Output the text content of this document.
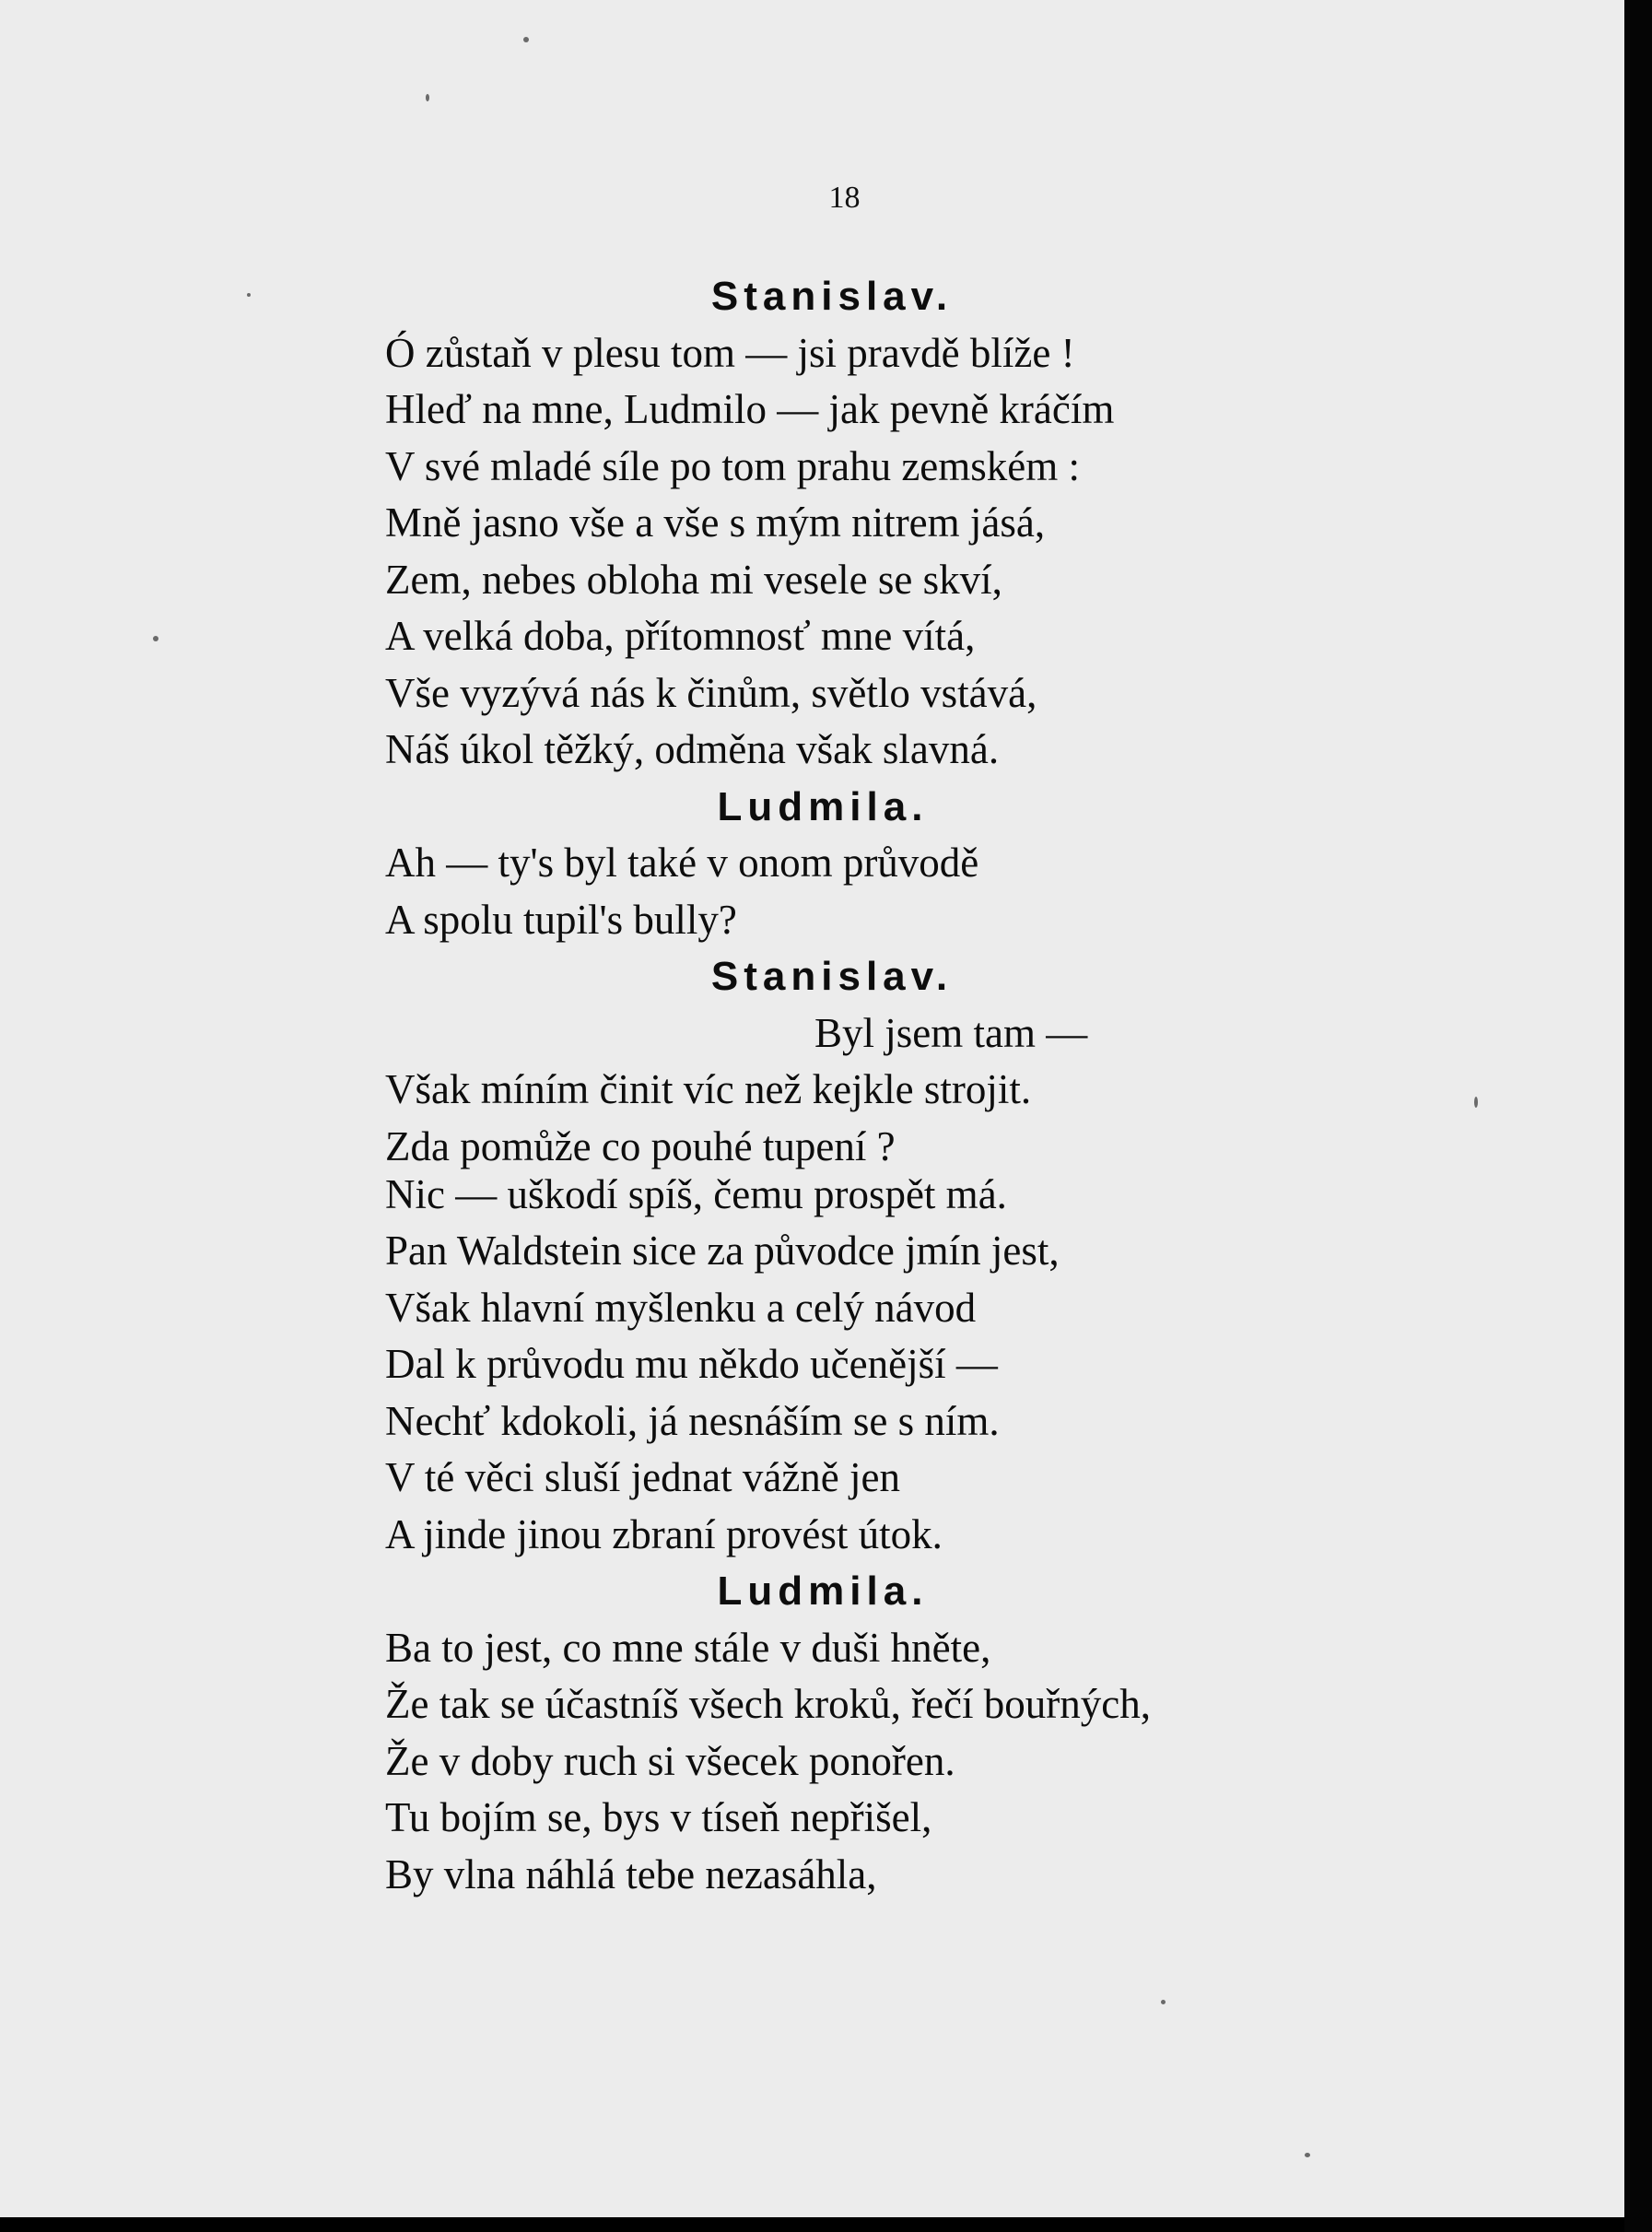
18
Stanislav.
Ó zůstaň v plesu tom — jsi pravdě blíže !
Hleď na mne, Ludmilo — jak pevně kráčím
V své mladé síle po tom prahu zemském :
Mně jasno vše a vše s mým nitrem jásá,
Zem, nebes obloha mi vesele se skví,
A velká doba, přítomnosť mne vítá,
Vše vyzývá nás k činům, světlo vstává,
Náš úkol těžký, odměna však slavná.
Ludmila.
Ah — ty's byl také v onom průvodě
A spolu tupil's bully?
Stanislav.
Byl jsem tam —
Však míním činit víc než kejkle strojit.
Zda pomůže co pouhé tupení ?
Nic — uškodí spíš, čemu prospět má.
Pan Waldstein sice za původce jmín jest,
Však hlavní myšlenku a celý návod
Dal k průvodu mu někdo učenější —
Nechť kdokoli, já nesnáším se s ním.
V té věci sluší jednat vážně jen
A jinde jinou zbraní provést útok.
Ludmila.
Ba to jest, co mne stále v duši hněte,
Že tak se účastníš všech kroků, řečí bouřných,
Že v doby ruch si všecek ponořen.
Tu bojím se, bys v tíseň nepřišel,
By vlna náhlá tebe nezasáhla,
